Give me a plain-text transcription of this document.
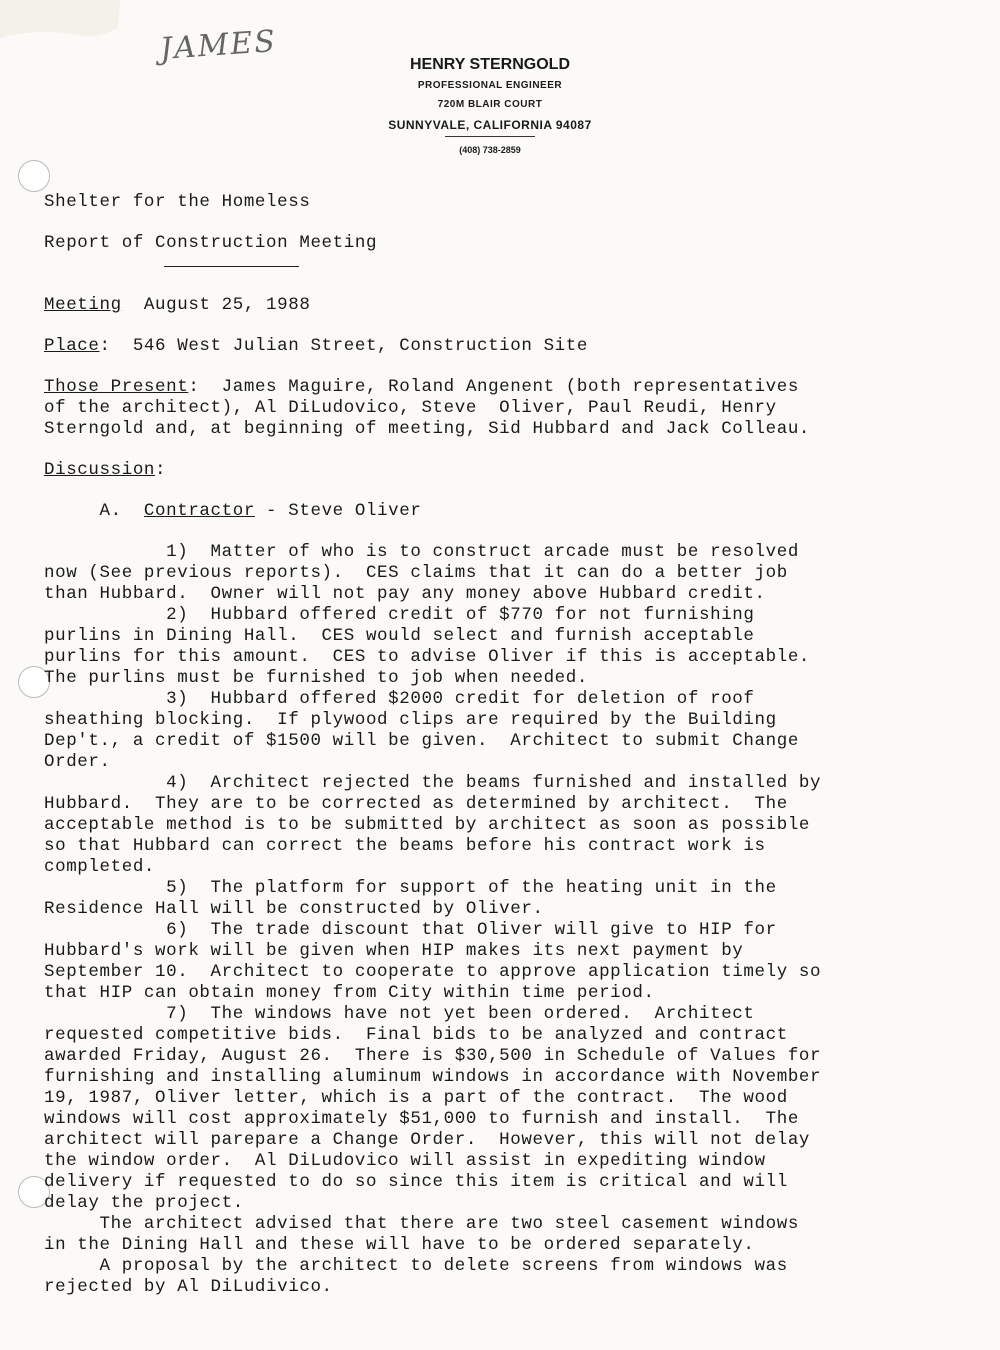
JAMES	HENRY STERNGOLD
PROFESSIONAL ENGINEER
720M BLAIR COURT
SUNNYVALE, CALIFORNIA 94087
(408) 738-2859
Shelter for the Homeless
Report of Construction Meeting
Meeting  August 25, 1988
Place:  546 West Julian Street, Construction Site
Those Present:  James Maguire, Roland Angenent (both representatives
of the architect), Al DiLudovico, Steve  Oliver, Paul Reudi, Henry
Sterngold and, at beginning of meeting, Sid Hubbard and Jack Colleau.
Discussion:
A.  Contractor - Steve Oliver
1)  Matter of who is to construct arcade must be resolved
now (See previous reports).  CES claims that it can do a better job
than Hubbard.  Owner will not pay any money above Hubbard credit.
2)  Hubbard offered credit of $770 for not furnishing
purlins in Dining Hall.  CES would select and furnish acceptable
purlins for this amount.  CES to advise Oliver if this is acceptable.
The purlins must be furnished to job when needed.
3)  Hubbard offered $2000 credit for deletion of roof
sheathing blocking.  If plywood clips are required by the Building
Dep't., a credit of $1500 will be given.  Architect to submit Change
Order.
4)  Architect rejected the beams furnished and installed by
Hubbard.  They are to be corrected as determined by architect.  The
acceptable method is to be submitted by architect as soon as possible
so that Hubbard can correct the beams before his contract work is
completed.
5)  The platform for support of the heating unit in the
Residence Hall will be constructed by Oliver.
6)  The trade discount that Oliver will give to HIP for
Hubbard's work will be given when HIP makes its next payment by
September 10.  Architect to cooperate to approve application timely so
that HIP can obtain money from City within time period.
7)  The windows have not yet been ordered.  Architect
requested competitive bids.  Final bids to be analyzed and contract
awarded Friday, August 26.  There is $30,500 in Schedule of Values for
furnishing and installing aluminum windows in accordance with November
19, 1987, Oliver letter, which is a part of the contract.  The wood
windows will cost approximately $51,000 to furnish and install.  The
architect will parepare a Change Order.  However, this will not delay
the window order.  Al DiLudovico will assist in expediting window
delivery if requested to do so since this item is critical and will
delay the project.
The architect advised that there are two steel casement windows
in the Dining Hall and these will have to be ordered separately.
A proposal by the architect to delete screens from windows was
rejected by Al DiLudivico.
